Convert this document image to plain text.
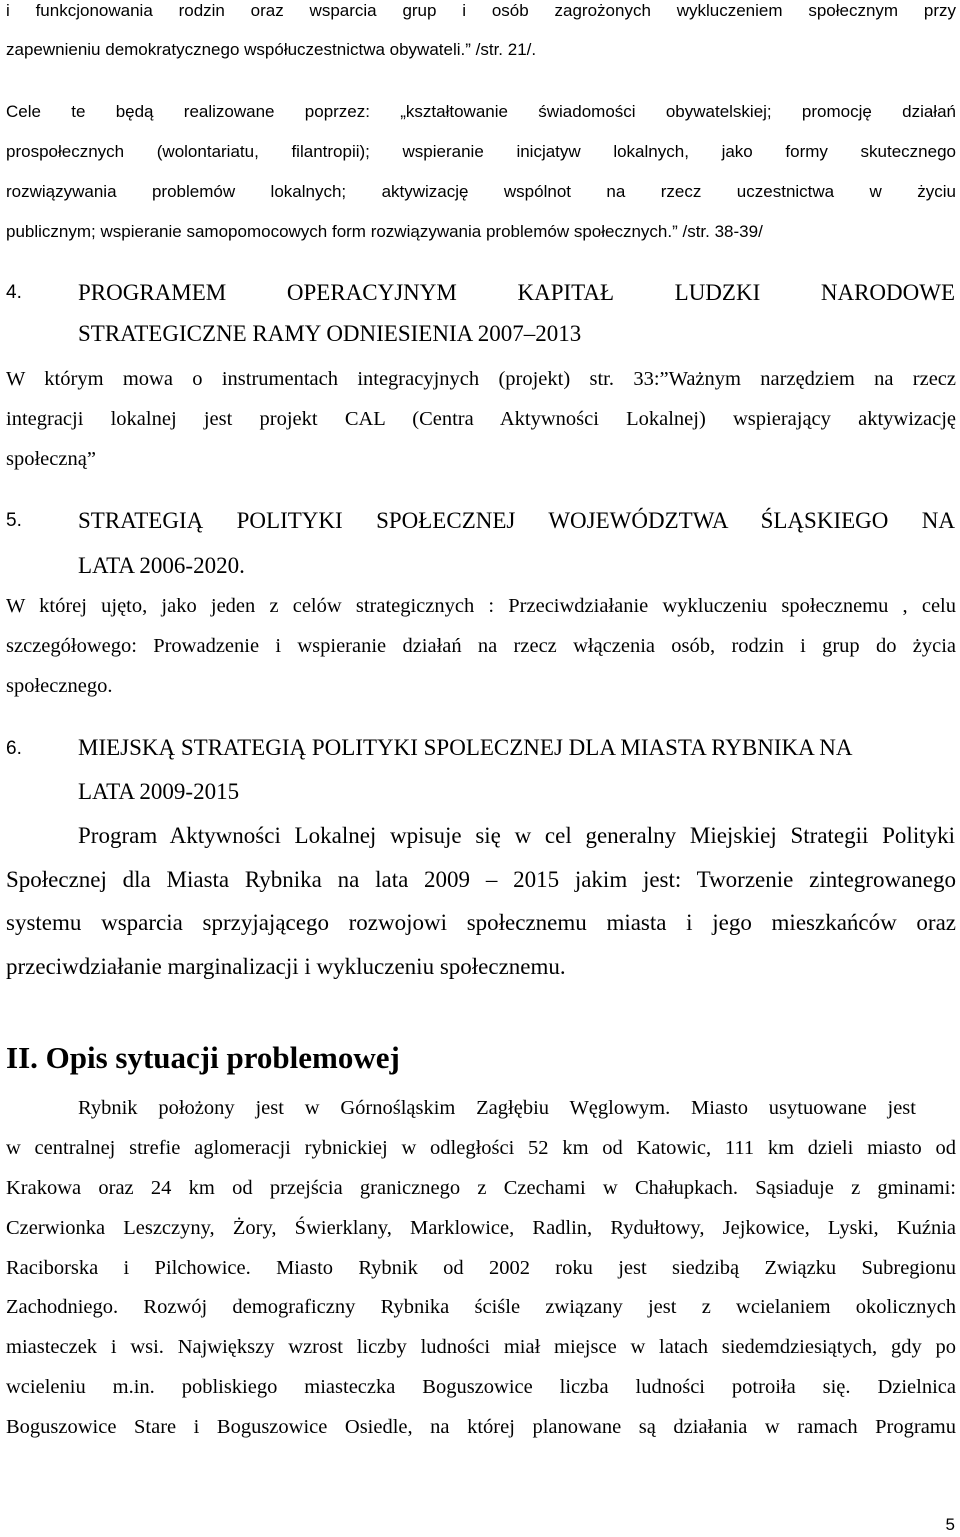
i funkcjonowania rodzin oraz wsparcia grup i osób zagrożonych wykluczeniem społecznym przy

zapewnieniu demokratycznego współuczestnictwa obywateli.” /str. 21/.

Cele te będą realizowane poprzez: „kształtowanie świadomości obywatelskiej; promocję działań

prospołecznych (wolontariatu, filantropii); wspieranie inicjatyw lokalnych, jako formy skutecznego

rozwiązywania problemów lokalnych; aktywizację wspólnot na rzecz uczestnictwa w życiu

publicznym; wspieranie samopomocowych form rozwiązywania problemów społecznych.” /str. 38-39/

4. PROGRAMEM OPERACYJNYM KAPITAŁ LUDZKI NARODOWE

STRATEGICZNE RAMY ODNIESIENIA 2007–2013

W którym mowa o instrumentach integracyjnych (projekt) str. 33:”Ważnym narzędziem na rzecz

integracji lokalnej jest projekt CAL (Centra Aktywności Lokalnej) wspierający aktywizację

społeczną”

5. STRATEGIĄ POLITYKI SPOŁECZNEJ WOJEWÓDZTWA ŚLĄSKIEGO NA

LATA 2006-2020.

W której ujęto, jako jeden z celów strategicznych : Przeciwdziałanie wykluczeniu społecznemu , celu

szczegółowego: Prowadzenie i wspieranie działań na rzecz włączenia osób, rodzin i grup do życia

społecznego.

6. MIEJSKĄ STRATEGIĄ POLITYKI SPOLECZNEJ DLA MIASTA RYBNIKA NA

LATA 2009-2015

Program Aktywności Lokalnej wpisuje się w cel generalny Miejskiej Strategii Polityki

Społecznej dla Miasta Rybnika na lata 2009 – 2015 jakim jest: Tworzenie zintegrowanego

systemu wsparcia sprzyjającego rozwojowi społecznemu miasta i jego mieszkańców oraz

przeciwdziałanie marginalizacji i wykluczeniu społecznemu.

II. Opis sytuacji problemowej

Rybnik położony jest w Górnośląskim Zagłębiu Węglowym. Miasto usytuowane jest

w centralnej strefie aglomeracji rybnickiej w odległości 52 km od Katowic, 111 km dzieli miasto od

Krakowa oraz 24 km od przejścia granicznego z Czechami w Chałupkach. Sąsiaduje z gminami:

Czerwionka Leszczyny, Żory, Świerklany, Marklowice, Radlin, Rydułtowy, Jejkowice, Lyski, Kuźnia

Raciborska i Pilchowice. Miasto Rybnik od 2002 roku jest siedzibą Związku Subregionu

Zachodniego. Rozwój demograficzny Rybnika ściśle związany jest z wcielaniem okolicznych

miasteczek i wsi. Największy wzrost liczby ludności miał miejsce w latach siedemdziesiątych, gdy po

wcieleniu m.in. pobliskiego miasteczka Boguszowice liczba ludności potroiła się. Dzielnica

Boguszowice Stare i Boguszowice Osiedle, na której planowane są działania w ramach Programu

5
